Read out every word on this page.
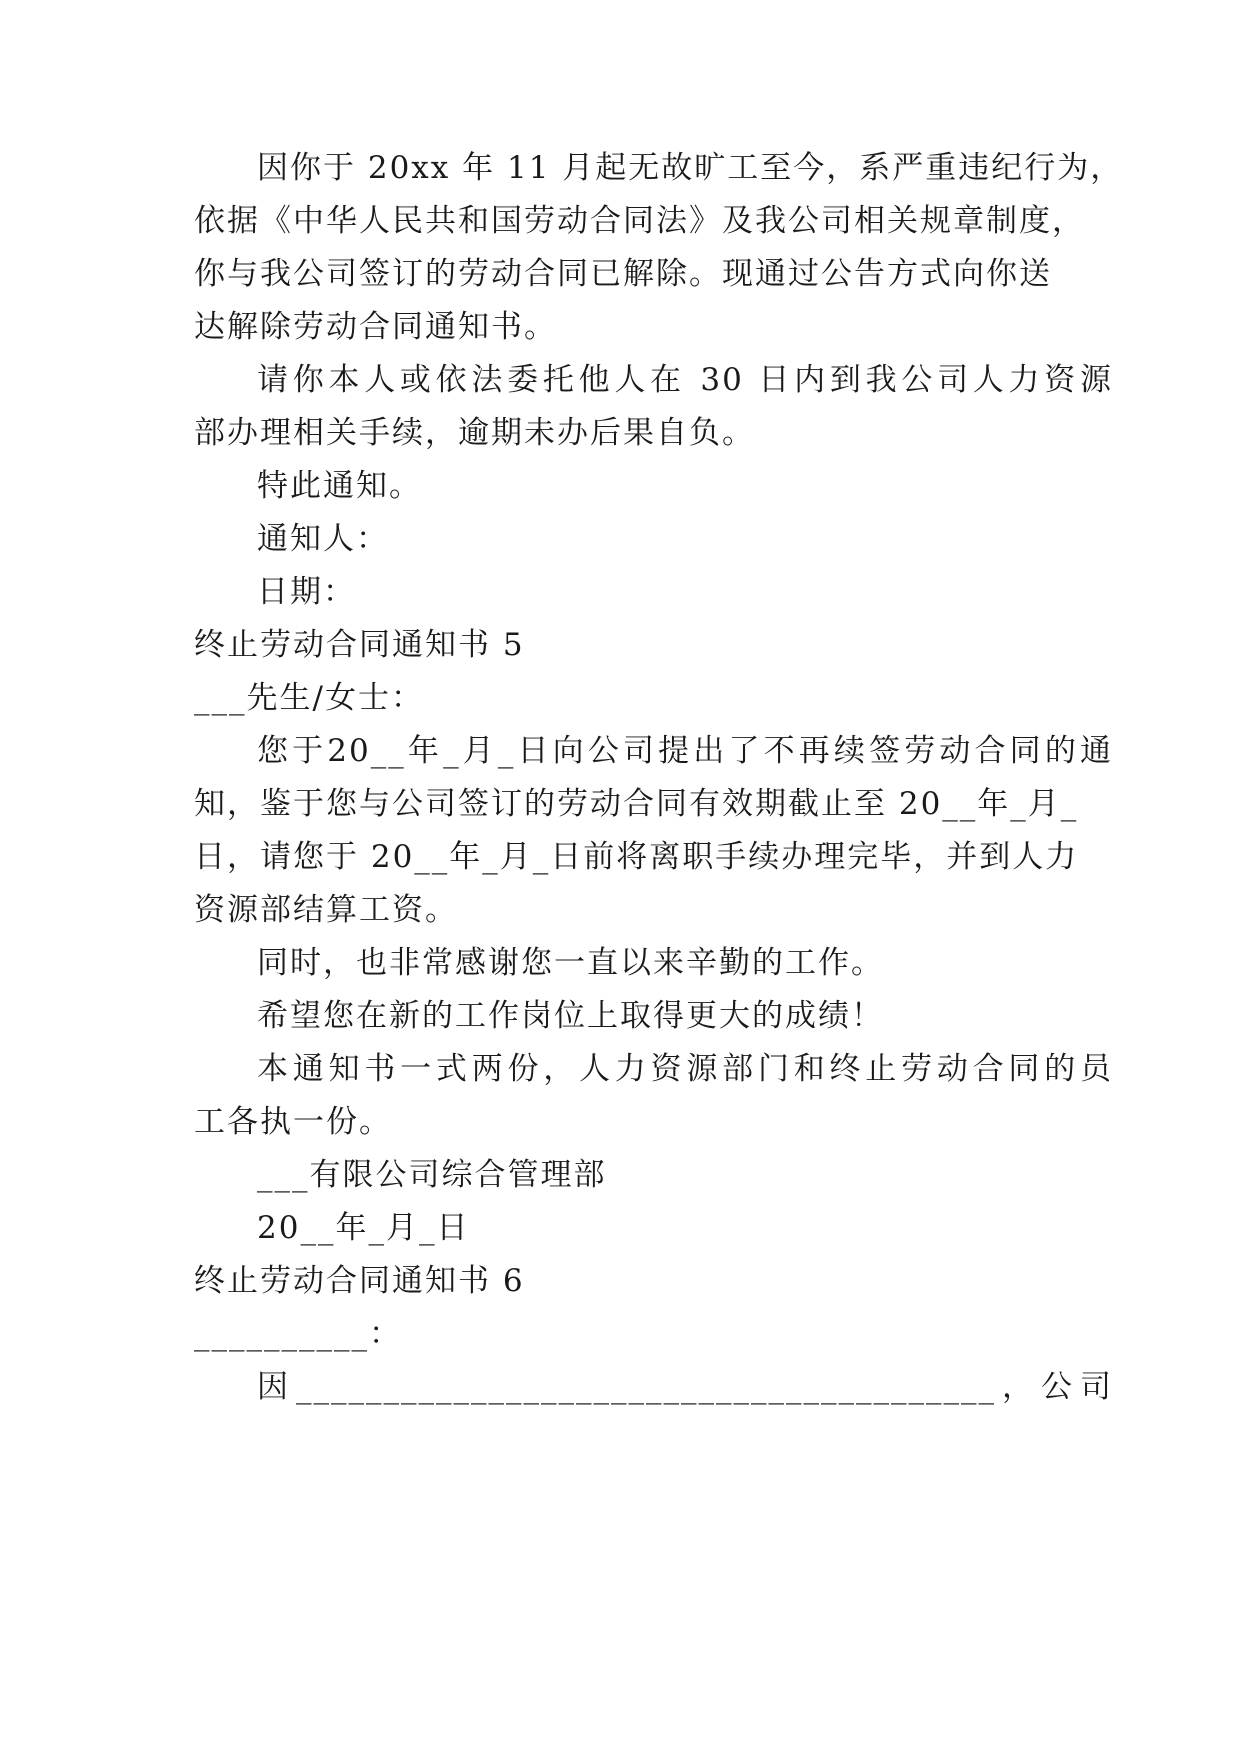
因你于 20xx 年 11 月起无故旷工至今，系严重违纪行为，
依据《中华人民共和国劳动合同法》及我公司相关规章制度，
你与我公司签订的劳动合同已解除。现通过公告方式向你送
达解除劳动合同通知书。
请你本人或依法委托他人在 30 日内到我公司人力资源
部办理相关手续，逾期未办后果自负。
特此通知。
通知人：
日期：
终止劳动合同通知书 5
___先生/女士：
您于20__年_月_日向公司提出了不再续签劳动合同的通
知，鉴于您与公司签订的劳动合同有效期截止至 20__年_月_
日，请您于 20__年_月_日前将离职手续办理完毕，并到人力
资源部结算工资。
同时，也非常感谢您一直以来辛勤的工作。
希望您在新的工作岗位上取得更大的成绩！
本通知书一式两份，人力资源部门和终止劳动合同的员
工各执一份。
___有限公司综合管理部
20__年_月_日
终止劳动合同通知书 6
__________：
因________________________________________，公司
